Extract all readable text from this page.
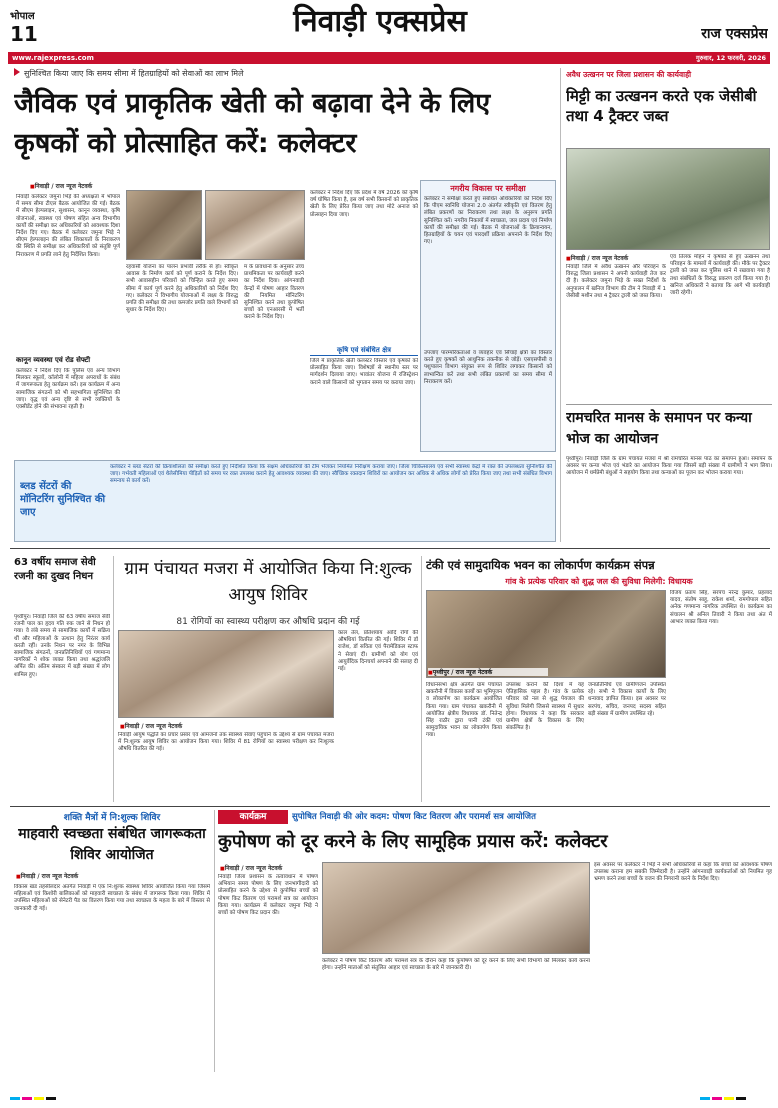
भोपाल
11	निवाड़ी एक्सप्रेस	राज एक्सप्रेस
www.rajexpress.com	गुरुवार, 12 फरवरी, 2026
सुनिश्चित किया जाए कि समय सीमा में हितग्राहियों को सेवाओं का लाभ मिले
जैविक एवं प्राकृतिक खेती को बढ़ावा देने के लिए कृषकों को प्रोत्साहित करें: कलेक्टर
■ निवाड़ी / राज न्यूज नेटवर्क
निवाड़ी कलेक्टर जमुना भिड़े की अध्यक्षता में भोपाल में समय सीमा टीएल बैठक आयोजित की गई। बैठक में सीएम हेल्पलाइन, सुशासन, कानून व्यवस्था, कृषि योजनाओं, स्वास्थ्य एवं पोषण संहित अन्य विभागीय कार्यों की समीक्षा कर अधिकारियों को आवश्यक दिशा निर्देश दिए गए। बैठक में कलेक्टर जमुना भिड़े ने सीएम हेल्पलाइन की लंबित शिकायतों के निराकरण की स्थिति से समीक्षा कर अधिकारियों को संतुष्टि पूर्ण निराकरण में प्रगति लाने हेतु निर्देशित किया।
कानून व्यवस्था एवं रोड सेफ्टी
कलेक्टर ने निर्देश दिए कि पुलिस एवं अन्य विभाग मिलकर स्कूलों, कॉलोनी में महिला अपराधों के संबंध में जागरूकता हेतु कार्यक्रम करें। इस कार्यक्रम में अन्य सामाजिक संगठनों को भी सहभागिता सुनिश्चित की जाए। वृद्ध एवं अन्य दृष्टि से सभी व्यक्तियों के एक्सीडेंट होने की संभावना रहती है।
रहवासी योजना का पालन प्रभावी तरीके से हो। स्वीकृत आवास के निर्माण कार्य को पूर्ण कराने के निर्देश दिए। सभी आवासहीन परिवारों को चिन्हित करते हुए समय सीमा में कार्य पूर्ण करने हेतु अधिकारियों को निर्देश दिए गए। कलेक्टर ने विभागीय योजनाओं में लक्ष्य के विरुद्ध प्रगति की समीक्षा की तथा कमजोर प्रगति वाले विभागों को सुधार के निर्देश दिए।
म के प्रावधानों के अनुसार उच्च प्राथमिकता पर कार्यवाही करने का निर्देश दिया। आंगनवाड़ी केन्द्रों में पोषण आहार वितरण की नियमित मॉनिटरिंग सुनिश्चित करने तथा कुपोषित बच्चों को एनआरसी में भर्ती कराने के निर्देश दिए।
कलेक्टर ने निर्देश दिए कि प्रदेश में वर्ष 2026 को कृषि वर्ष घोषित किया है, इस वर्ष सभी किसानों को प्राकृतिक खेती के लिए प्रेरित किया जाए तथा मोटे अनाज को प्रोत्साहन दिया जाए।
कृषि एवं संबंधित क्षेत्र
जिले में प्राकृतिक खेती कलस्टर विस्तार एवं कृषकों को प्रोत्साहित किया जाए। विशेषज्ञों से स्थानीय स्तर पर मार्गदर्शन दिलाया जाए। भावांतर योजना में रजिस्ट्रेशन कराने वाले किसानों को भुगतान समय पर कराया जाए।
नगरीय विकास पर समीक्षा
कलेक्टर ने समीक्षा करते हुए संबंधित अधिकारियों को निर्देश दिए कि पीएम स्वनिधि योजना 2.0 अंतर्गत स्वीकृति एवं वितरण हेतु लंबित प्रकरणों का निराकरण तथा लक्ष्य के अनुरूप प्रगति सुनिश्चित करें। नगरीय निकायों में स्वच्छता, जल प्रदाय एवं निर्माण कार्यों की समीक्षा की गई। बैठक में योजनाओं के क्रियान्वयन, हितग्राहियों के चयन एवं पारदर्शी प्रक्रिया अपनाने के निर्देश दिए गए।
उपजाए पारम्परिकताओं व व्यवहार एवं सिंचाई क्षेत्रों का विस्तार करते हुए कृषकों को आधुनिक तकनीक से जोड़ें। एसएसपीसी व पशुपालन विभाग संयुक्त रूप से शिविर लगाकर किसानों को लाभान्वित करें तथा सभी लंबित प्रकरणों का समय सीमा में निराकरण करें।
ब्लड सेंटरों की मॉनिटरिंग सुनिश्चित की जाए
कलेक्टर ने ब्लड सेंटरों की क्रियाशीलता की समीक्षा करते हुए निर्देशित किया कि सक्षम अधिकारियों की टीम भेजकर नियमित निरीक्षण कराया जाए। जिला चिकित्सालय एवं सभी स्वास्थ्य केंद्रों में रक्त की उपलब्धता सुनिश्चित की जाए। गर्भवती महिलाओं एवं थैलेसीमिया पीड़ितों को समय पर रक्त उपलब्ध कराने हेतु आवश्यक व्यवस्था की जाए। स्वैच्छिक रक्तदान शिविरों का आयोजन कर अधिक से अधिक लोगों को प्रेरित किया जाए तथा सभी संबंधित विभाग समन्वय से कार्य करें।
अवैध उत्खनन पर जिला प्रशासन की कार्यवाही
मिट्टी का उत्खनन करते एक जेसीबी तथा 4 ट्रैक्टर जब्त
■ निवाड़ी / राज न्यूज नेटवर्क
निवाड़ी जिले में अवैध उत्खनन और परिवहन के विरुद्ध जिला प्रशासन ने अपनी कार्यवाही तेज कर दी है। कलेक्टर जमुना भिड़े के सख्त निर्देशों के अनुपालन में खनिज विभाग की टीम ने निवाड़ी में 1 जेसीबी मशीन तथा 4 ट्रैक्टर ट्राली को जब्त किया।
एवं तिलक मोहन ने कृषकों से हुए उत्खनन तथा परिवहन के मामलों में कार्यवाही की। मौके पर ट्रैक्टर ट्राली को जब्त कर पुलिस थाने में रखवाया गया है तथा संबंधितों के विरुद्ध प्रकरण दर्ज किया गया है। खनिज अधिकारी ने बताया कि आगे भी कार्यवाही जारी रहेगी।
रामचरित मानस के समापन पर कन्या भोज का आयोजन
पृथ्वीपुर। निवाड़ी जिले के ग्राम पंचायत मजरा में श्री रामचरित मानस पाठ का समापन हुआ। समापन के अवसर पर कन्या भोज एवं भंडारे का आयोजन किया गया जिसमें बड़ी संख्या में ग्रामीणों ने भाग लिया। आयोजन में धर्मप्रेमी बंधुओं ने सहयोग किया तथा कन्याओं का पूजन कर भोजन कराया गया।
63 वर्षीय समाज सेवी रजनी का दुखद निधन
पृथ्वीपुर। निवाड़ी जिले की 63 वर्षीय समाज सेवी रजनी पाल का हृदय गति रुक जाने से निधन हो गया। वे लंबे समय से सामाजिक कार्यों में सक्रिय थीं और महिलाओं के उत्थान हेतु निरंतर कार्य करती रहीं। उनके निधन पर नगर के विभिन्न सामाजिक संगठनों, जनप्रतिनिधियों एवं गणमान्य नागरिकों ने शोक व्यक्त किया तथा श्रद्धांजलि अर्पित की। अंतिम संस्कार में बड़ी संख्या में लोग शामिल हुए।
ग्राम पंचायत मजरा में आयोजित किया नि:शुल्क आयुष शिविर
81 रोगियों का स्वास्थ्य परीक्षण कर औषधि प्रदान की गई
■ निवाड़ी / राज न्यूज नेटवर्क
निवाड़ी आयुष पद्धति का प्रचार प्रसार एवं आमजनों तक स्वास्थ्य सेवाएं पहुंचाने के उद्देश्य से ग्राम पंचायत मजरा में नि:शुल्क आयुष शिविर का आयोजन किया गया। शिविर में 81 रोगियों का स्वास्थ्य परीक्षण कर निःशुल्क औषधि वितरित की गई।
काल तेल, प्रतिशयाय आदि रोगों की औषधियां वितरित की गईं। शिविर में डॉ राजेश, डॉ सविता एवं पैरामेडिकल स्टाफ ने सेवाएं दीं। ग्रामीणों को योग एवं आयुर्वेदिक दिनचर्या अपनाने की सलाह दी गई।
टंकी एवं सामुदायिक भवन का लोकार्पण कार्यक्रम संपन्न
गांव के प्रत्येक परिवार को शुद्ध जल की सुविधा मिलेगी: विधायक
■ पृथ्वीपुर / राज न्यूज नेटवर्क
विधानसभा क्षेत्र अंतर्गत ग्राम पंचायत खकरौनी में विकास कार्यों का भूमिपूजन व लोकार्पण का कार्यक्रम आयोजित किया गया। ग्राम पंचायत खकरौनी में आयोजित क्षेत्रीय विधायक डॉ. नितेन्द्र सिंह राठौर द्वारा पानी टंकी एवं सामुदायिक भवन का लोकार्पण किया गया।
उपलब्ध कराने की दिशा में यह ऐतिहासिक पहल है। गांव के प्रत्येक परिवार को नल से शुद्ध पेयजल की सुविधा मिलेगी जिससे स्वास्थ्य में सुधार होगा। विधायक ने कहा कि सरकार ग्रामीण क्षेत्रों के विकास के लिए संकल्पित है।
जनप्रतिनिधि एवं ग्रामीणजन उपस्थित रहे। सभी ने विकास कार्यों के लिए धन्यवाद ज्ञापित किया। इस अवसर पर सरपंच, सचिव, जनपद सदस्य सहित बड़ी संख्या में ग्रामीण उपस्थित रहे।
विजय प्रताप सिंह, सरपंच नरेन्द्र कुमार, प्रहलाद यादव, संतोष साहू, राकेश शर्मा, रामगोपाल सहित अनेक गणमान्य नागरिक उपस्थित थे। कार्यक्रम का संचालन श्री अनिल तिवारी ने किया तथा अंत में आभार व्यक्त किया गया।
शक्ति मैत्रों में नि:शुल्क शिविर
माहवारी स्वच्छता संबंधित जागरूकता शिविर आयोजित
■ निवाड़ी / राज न्यूज नेटवर्क
विकास खंड तहसीलदार अंतर्गत निवाड़ी में एक नि:शुल्क स्वास्थ्य शिविर आयोजित किया गया जिसमें महिलाओं एवं किशोरी बालिकाओं को माहवारी स्वच्छता के संबंध में जागरूक किया गया। शिविर में उपस्थित महिलाओं को सेनेटरी पैड का वितरण किया गया तथा स्वच्छता के महत्व के बारे में विस्तार से जानकारी दी गई।
कार्यक्रम	सुपोषित निवाड़ी की ओर कदम: पोषण किट वितरण और परामर्श सत्र आयोजित
कुपोषण को दूर करने के लिए सामूहिक प्रयास करें: कलेक्टर
■ निवाड़ी / राज न्यूज नेटवर्क
निवाड़ी जिला प्रशासन के तत्वावधान में पोषण अभियान समय पोषण के लिए जनभागीदारी को प्रोत्साहित करने के उद्देश्य से कुपोषित बच्चों को पोषण किट वितरण एवं परामर्श सत्र का आयोजन किया गया। कार्यक्रम में कलेक्टर जमुना भिड़े ने बच्चों को पोषण किट प्रदान की।
कलेक्टर ने पोषण किट वितरण और परामर्श सत्र के दौरान कहा कि कुपोषण को दूर करने के लिए सभी विभागों को मिलकर कार्य करना होगा। उन्होंने माताओं को संतुलित आहार एवं स्वच्छता के बारे में जानकारी दी।
इस अवसर पर कलेक्टर ने भिड़े ने सभी अधिकारियों से कहा कि बच्चों को आवश्यक पोषण उपलब्ध कराना हम सबकी जिम्मेदारी है। उन्होंने आंगनवाड़ी कार्यकर्ताओं को नियमित गृह भ्रमण करने तथा बच्चों के वजन की निगरानी करने के निर्देश दिए।
